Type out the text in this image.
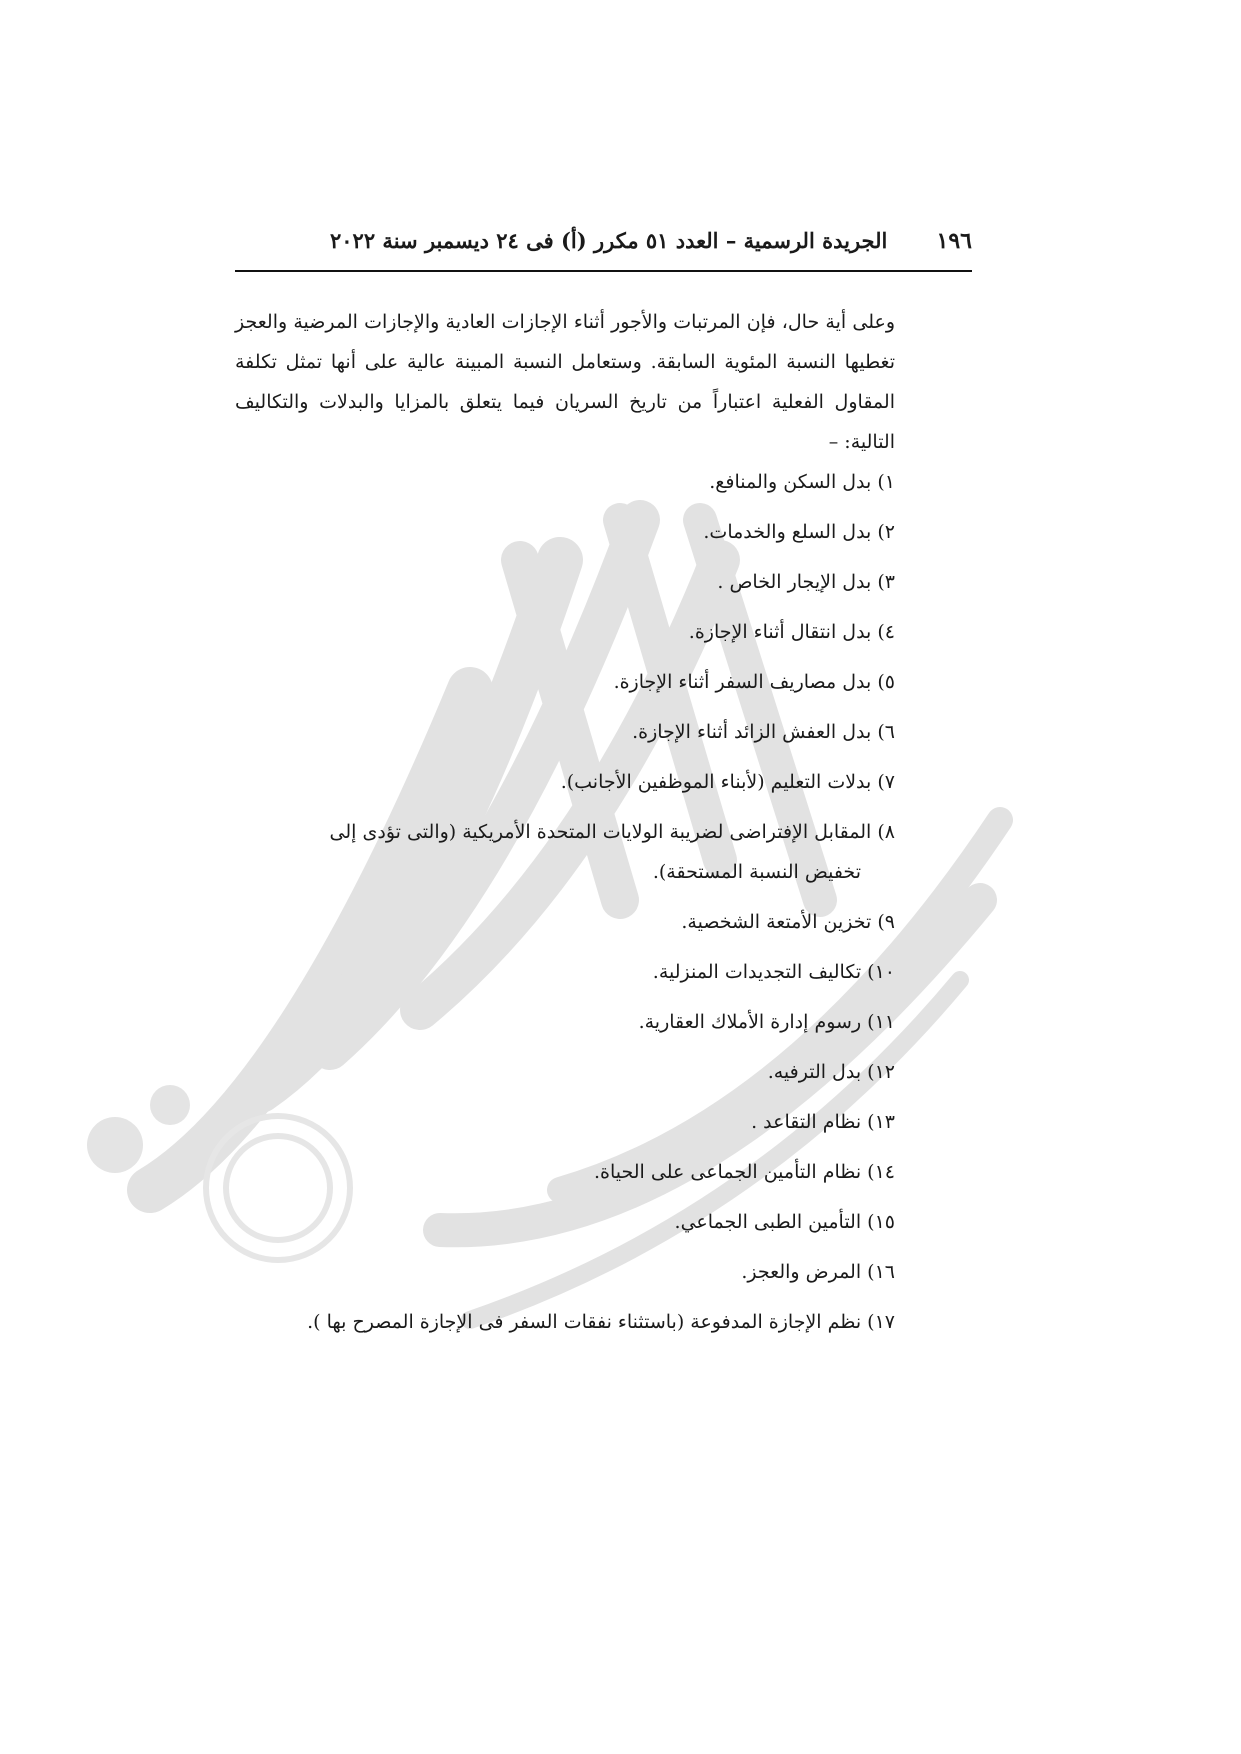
١٩٦
الجريدة الرسمية – العدد ٥١ مكرر (أ) فى ٢٤ ديسمبر سنة ٢٠٢٢

وعلى أية حال، فإن المرتبات والأجور أثناء الإجازات العادية والإجازات المرضية والعجز تغطيها النسبة المئوية السابقة. وستعامل النسبة المبينة عالية على أنها تمثل تكلفة المقاول الفعلية اعتباراً من تاريخ السريان فيما يتعلق بالمزايا والبدلات والتكاليف التالية: –

١) بدل السكن والمنافع.
٢) بدل السلع والخدمات.
٣) بدل الإيجار الخاص .
٤) بدل انتقال أثناء الإجازة.
٥) بدل مصاريف السفر أثناء الإجازة.
٦) بدل العفش الزائد أثناء الإجازة.
٧) بدلات التعليم (لأبناء الموظفين الأجانب).
٨) المقابل الإفتراضى لضريبة الولايات المتحدة الأمريكية (والتى تؤدى إلى
تخفيض النسبة المستحقة).
٩) تخزين الأمتعة الشخصية.
١٠) تكاليف التجديدات المنزلية.
١١) رسوم إدارة الأملاك العقارية.
١٢) بدل الترفيه.
١٣) نظام التقاعد .
١٤) نظام التأمين الجماعى على الحياة.
١٥) التأمين الطبى الجماعي.
١٦) المرض والعجز.
١٧) نظم الإجازة المدفوعة (باستثناء نفقات السفر فى الإجازة المصرح بها ).
